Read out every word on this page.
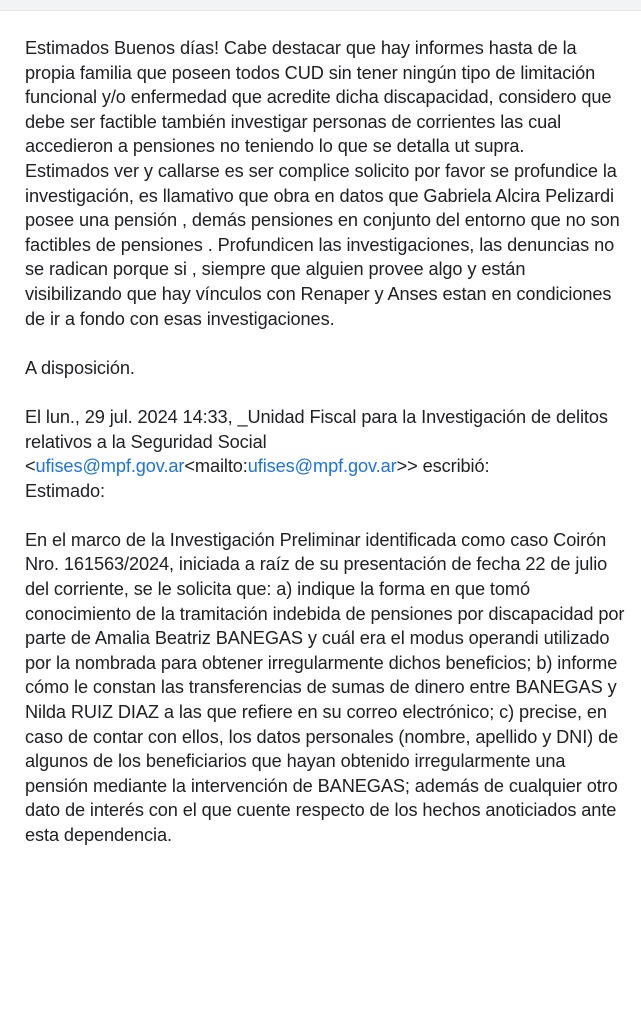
Estimados Buenos días! Cabe destacar que hay informes hasta de la propia familia que poseen todos CUD sin tener ningún tipo de limitación funcional y/o enfermedad que acredite dicha discapacidad, considero que debe ser factible también investigar personas de corrientes las cual accedieron a pensiones no teniendo lo que se detalla ut supra.

Estimados ver y callarse es ser complice solicito por favor se profundice la investigación, es llamativo que obra en datos que Gabriela Alcira Pelizardi posee una pensión , demás pensiones en conjunto del entorno que no son factibles de pensiones . Profundicen las investigaciones, las denuncias no se radican porque si , siempre que alguien provee algo y están visibilizando que hay vínculos con Renaper y Anses estan en condiciones de ir a fondo con esas investigaciones.

A disposición.

El lun., 29 jul. 2024 14:33, _Unidad Fiscal para la Investigación de delitos relativos a la Seguridad Social <ufises@mpf.gov.ar<mailto:ufises@mpf.gov.ar>> escribió:

Estimado:

En el marco de la Investigación Preliminar identificada como caso Coirón Nro. 161563/2024, iniciada a raíz de su presentación de fecha 22 de julio del corriente, se le solicita que: a) indique la forma en que tomó conocimiento de la tramitación indebida de pensiones por discapacidad por parte de Amalia Beatriz BANEGAS y cuál era el modus operandi utilizado por la nombrada para obtener irregularmente dichos beneficios; b) informe cómo le constan las transferencias de sumas de dinero entre BANEGAS y Nilda RUIZ DIAZ a las que refiere en su correo electrónico; c) precise, en caso de contar con ellos, los datos personales (nombre, apellido y DNI) de algunos de los beneficiarios que hayan obtenido irregularmente una pensión mediante la intervención de BANEGAS; además de cualquier otro dato de interés con el que cuente respecto de los hechos anoticiados ante esta dependencia.
